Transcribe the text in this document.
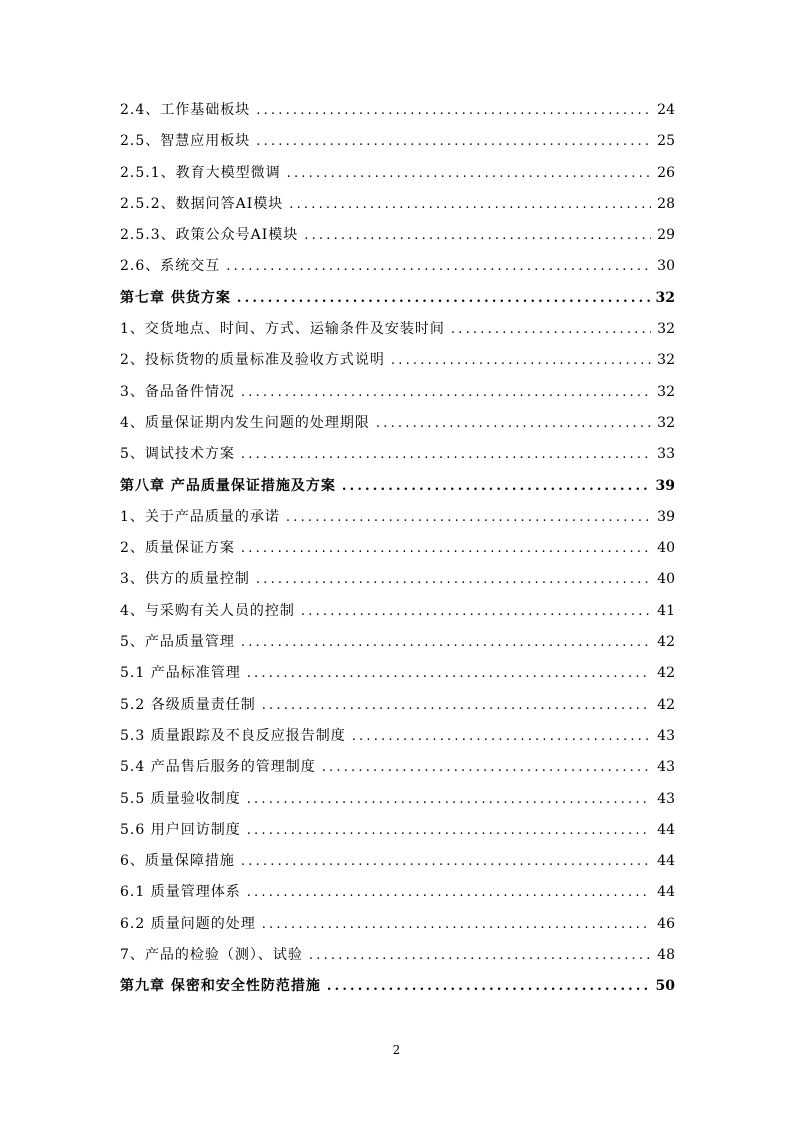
2.4、工作基础板块 .....	24
2.5、智慧应用板块 .....	25
2.5.1、教育大模型微调 .....	26
2.5.2、数据问答AI模块 .....	28
2.5.3、政策公众号AI模块 .....	29
2.6、系统交互 .....	30
第七章 供货方案 .....	32
1、交货地点、时间、方式、运输条件及安装时间 .....	32
2、投标货物的质量标准及验收方式说明 .....	32
3、备品备件情况 .....	32
4、质量保证期内发生问题的处理期限 .....	32
5、调试技术方案 .....	33
第八章 产品质量保证措施及方案 .....	39
1、关于产品质量的承诺 .....	39
2、质量保证方案 .....	40
3、供方的质量控制 .....	40
4、与采购有关人员的控制 .....	41
5、产品质量管理 .....	42
5.1 产品标准管理 .....	42
5.2 各级质量责任制 .....	42
5.3 质量跟踪及不良反应报告制度 .....	43
5.4 产品售后服务的管理制度 .....	43
5.5 质量验收制度 .....	43
5.6 用户回访制度 .....	44
6、质量保障措施 .....	44
6.1 质量管理体系 .....	44
6.2 质量问题的处理 .....	46
7、产品的检验（测）、试验 .....	48
第九章 保密和安全性防范措施 .....	50
2
